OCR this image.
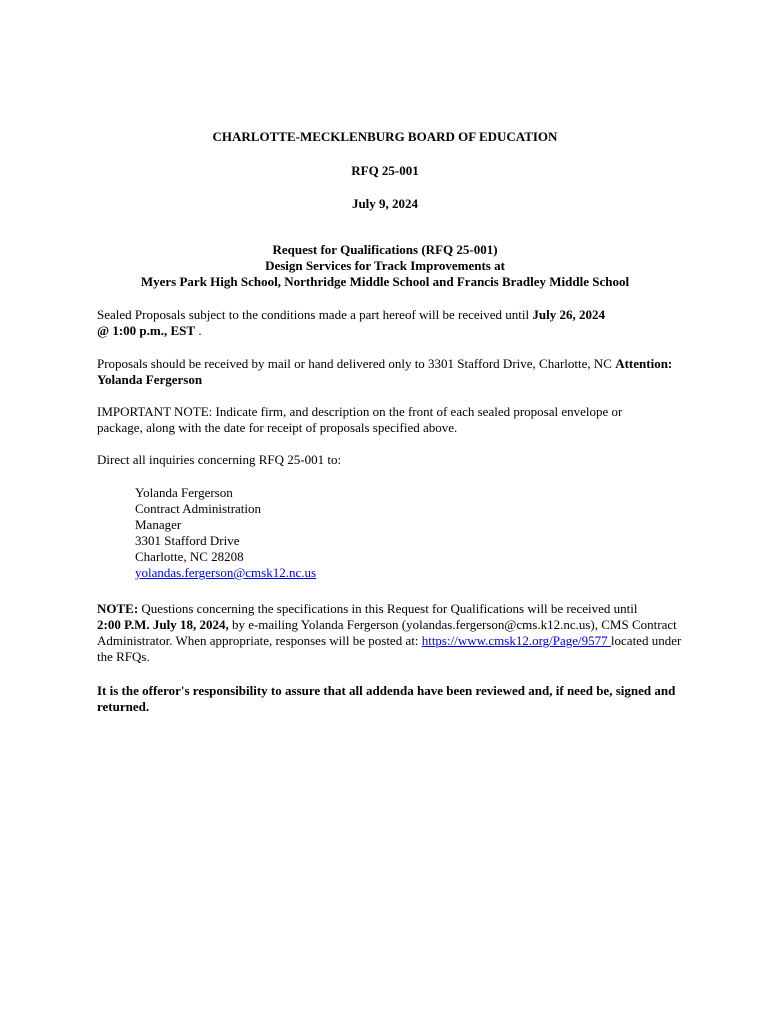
CHARLOTTE-MECKLENBURG BOARD OF EDUCATION
RFQ 25-001
July 9, 2024
Request for Qualifications (RFQ 25-001)
Design Services for Track Improvements at
Myers Park High School, Northridge Middle School and Francis Bradley Middle School
Sealed Proposals subject to the conditions made a part hereof will be received until July 26, 2024
@ 1:00 p.m., EST .
Proposals should be received by mail or hand delivered only to 3301 Stafford Drive, Charlotte, NC Attention:
Yolanda Fergerson
IMPORTANT NOTE: Indicate firm, and description on the front of each sealed proposal envelope or
package, along with the date for receipt of proposals specified above.
Direct all inquiries concerning RFQ 25-001 to:
Yolanda Fergerson
Contract Administration
Manager
3301 Stafford Drive
Charlotte, NC 28208
yolandas.fergerson@cmsk12.nc.us
NOTE: Questions concerning the specifications in this Request for Qualifications will be received until
2:00 P.M. July 18, 2024, by e-mailing Yolanda Fergerson (yolandas.fergerson@cms.k12.nc.us), CMS Contract
Administrator. When appropriate, responses will be posted at: https://www.cmsk12.org/Page/9577 located under
the RFQs.
It is the offeror's responsibility to assure that all addenda have been reviewed and, if need be, signed and
returned.
